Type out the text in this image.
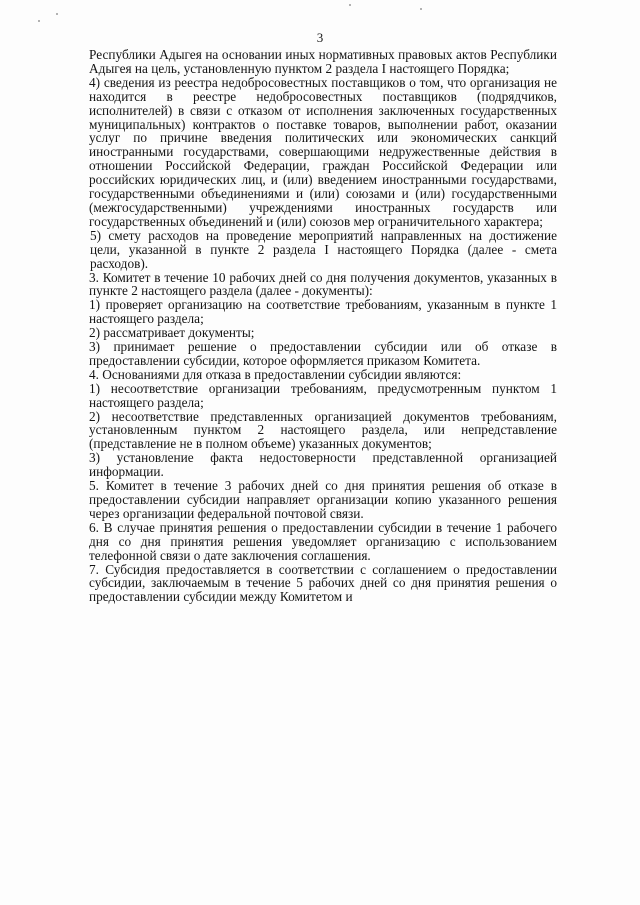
3

Республики Адыгея на основании иных нормативных правовых актов Республики Адыгея на цель, установленную пунктом 2 раздела I настоящего Порядка;

4) сведения из реестра недобросовестных поставщиков о том, что организация не находится в реестре недобросовестных поставщиков (подрядчиков, исполнителей) в связи с отказом от исполнения заключенных государственных муниципальных) контрактов о поставке товаров, выполнении работ, оказании услуг по причине введения политических или экономических санкций иностранными государствами, совершающими недружественные действия в отношении Российской Федерации, граждан Российской Федерации или российских юридических лиц, и (или) введением иностранными государствами, государственными объединениями и (или) союзами и (или) государственными (межгосударственными) учреждениями иностранных государств или государственных объединений и (или) союзов мер ограничительного характера;

5) смету расходов на проведение мероприятий направленных на достижение цели, указанной в пункте 2 раздела I настоящего Порядка (далее - смета расходов).

3. Комитет в течение 10 рабочих дней со дня получения документов, указанных в пункте 2 настоящего раздела (далее - документы):

1) проверяет организацию на соответствие требованиям, указанным в пункте 1 настоящего раздела;

2) рассматривает документы;

3) принимает решение о предоставлении субсидии или об отказе в предоставлении субсидии, которое оформляется приказом Комитета.

4. Основаниями для отказа в предоставлении субсидии являются:

1) несоответствие организации требованиям, предусмотренным пунктом 1 настоящего раздела;

2) несоответствие представленных организацией документов требованиям, установленным пунктом 2 настоящего раздела, или непредставление (представление не в полном объеме) указанных документов;

3) установление факта недостоверности представленной организацией информации.

5. Комитет в течение 3 рабочих дней со дня принятия решения об отказе в предоставлении субсидии направляет организации копию указанного решения через организации федеральной почтовой связи.

6. В случае принятия решения о предоставлении субсидии в течение 1 рабочего дня со дня принятия решения уведомляет организацию с использованием телефонной связи о дате заключения соглашения.

7. Субсидия предоставляется в соответствии с соглашением о предоставлении субсидии, заключаемым в течение 5 рабочих дней со дня принятия решения о предоставлении субсидии между Комитетом и
